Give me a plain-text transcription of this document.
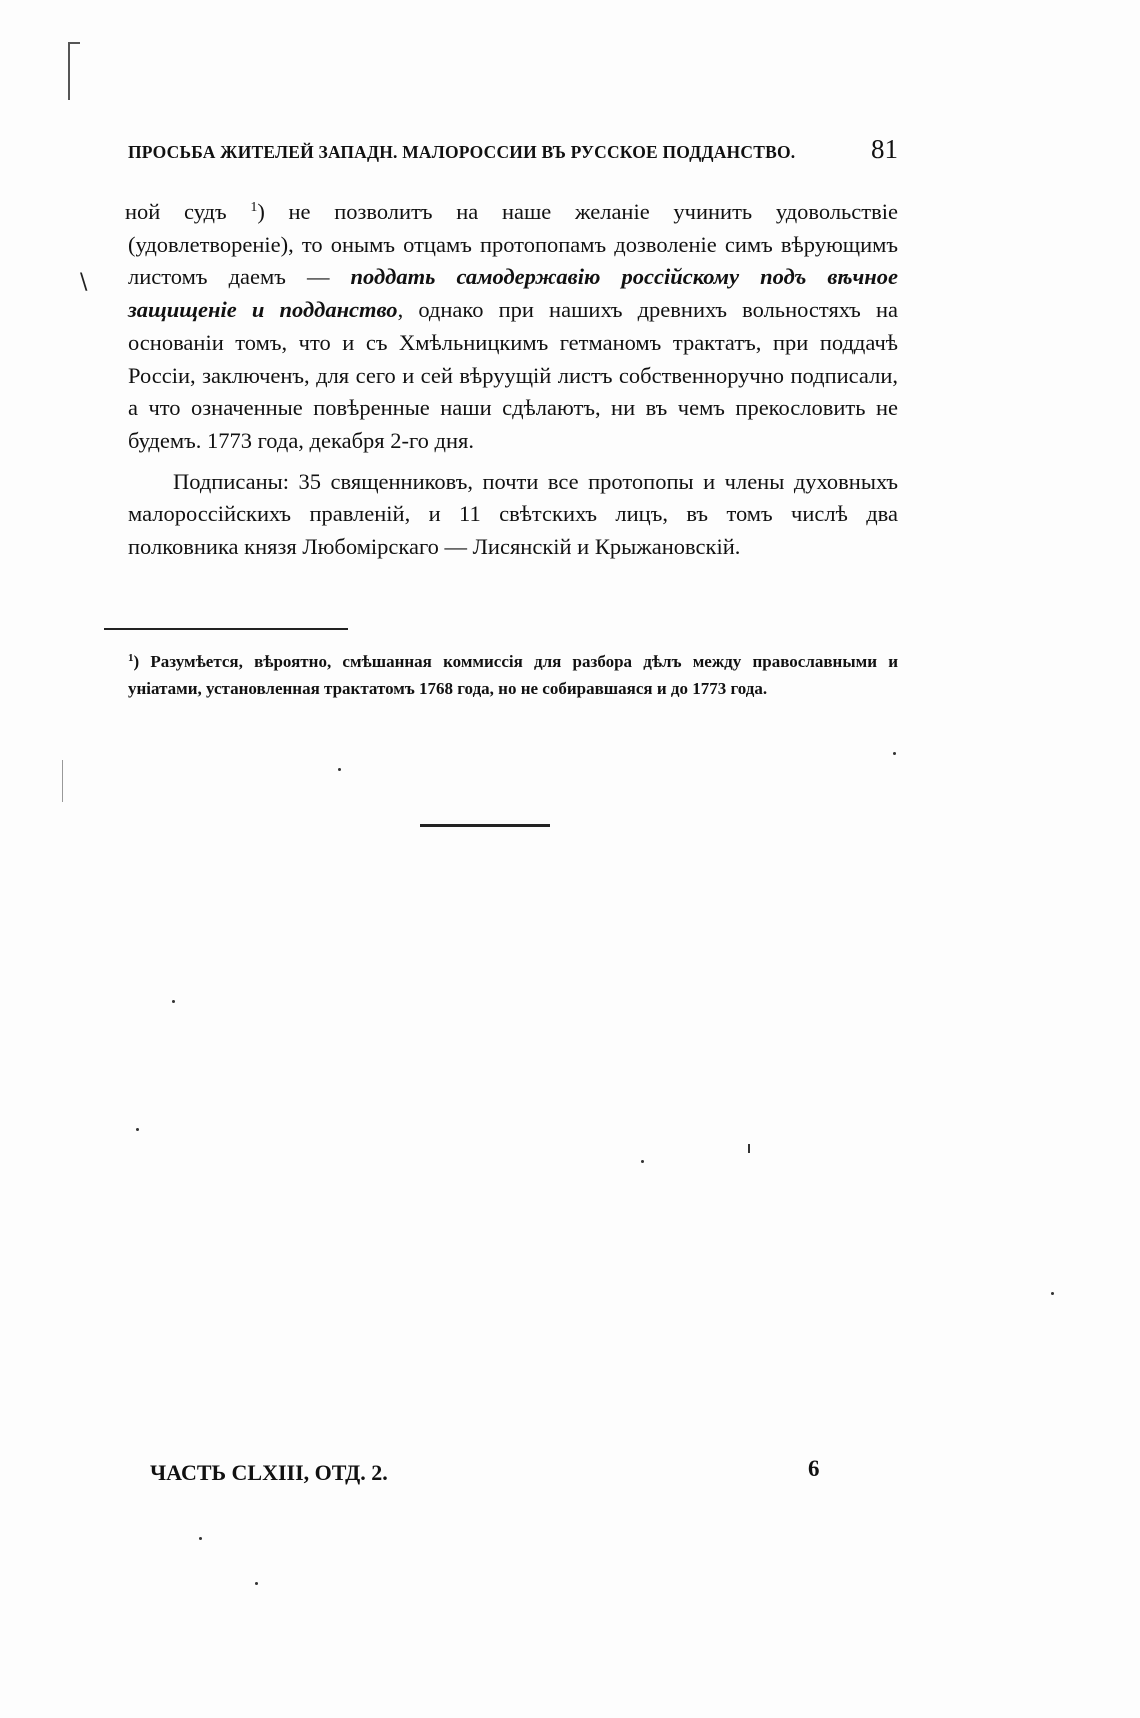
ПРОСЬБА ЖИТЕЛЕЙ ЗАПАДН. МАЛОРОССИИ ВЪ РУССКОЕ ПОДДАНСТВО.	81
\

ной судъ $^1$) не позволитъ на наше желаніе учинить удовольствіе (удовлетвореніе), то онымъ отцамъ протопопамъ дозволеніе симъ вѣрующимъ листомъ даемъ — поддать самодержавію россійскому подъ вѣчное защищеніе и подданство, однако при нашихъ древнихъ вольностяхъ на основаніи томъ, что и съ Хмѣльницкимъ гетманомъ трактатъ, при поддачѣ Россіи, заключенъ, для сего и сей вѣруущій листъ собственноручно подписали, а что означенные повѣренные наши сдѣлаютъ, ни въ чемъ прекословить не будемъ. 1773 года, декабря 2-го дня.

Подписаны: 35 священниковъ, почти все протопопы и члены духовныхъ малороссійскихъ правленій, и 11 свѣтскихъ лицъ, въ томъ числѣ два полковника князя Любомірскаго — Лисянскій и Крыжановскій.

$^1$) Разумѣется, вѣроятно, смѣшанная коммиссія для разбора дѣлъ между православными и уніатами, установленная трактатомъ 1768 года, но не собиравшаяся и до 1773 года.
ЧАСТЬ CLXIII, ОТД. 2.	6
